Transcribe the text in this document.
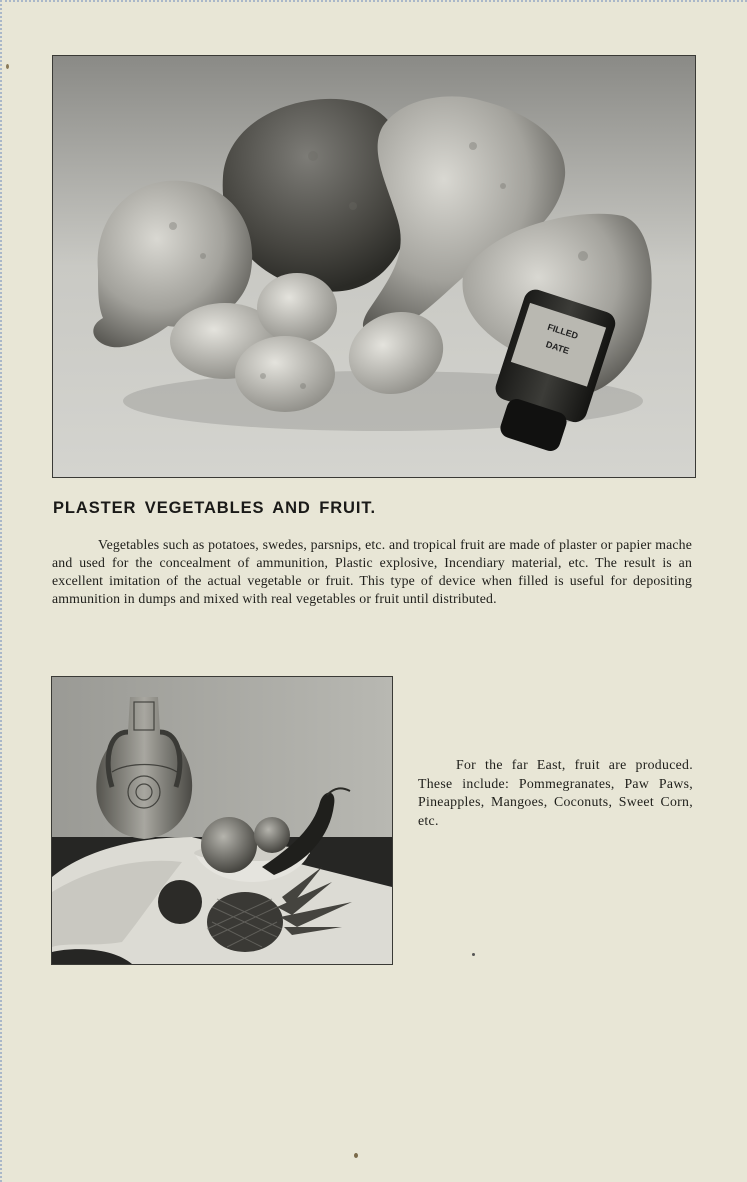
FILLED
DATE
PLASTER VEGETABLES AND FRUIT.

Vegetables such as potatoes, swedes, parsnips, etc. and tropical fruit are made of plaster or papier mache and used for the concealment of ammunition, Plastic explosive, Incendiary material, etc. The result is an excellent imitation of the actual vegetable or fruit. This type of device when filled is useful for depositing ammunition in dumps and mixed with real vegetables or fruit until distributed.

For the far East, fruit are produced. These include: Pommegranates, Paw Paws, Pineapples, Mangoes, Coconuts, Sweet Corn, etc.
